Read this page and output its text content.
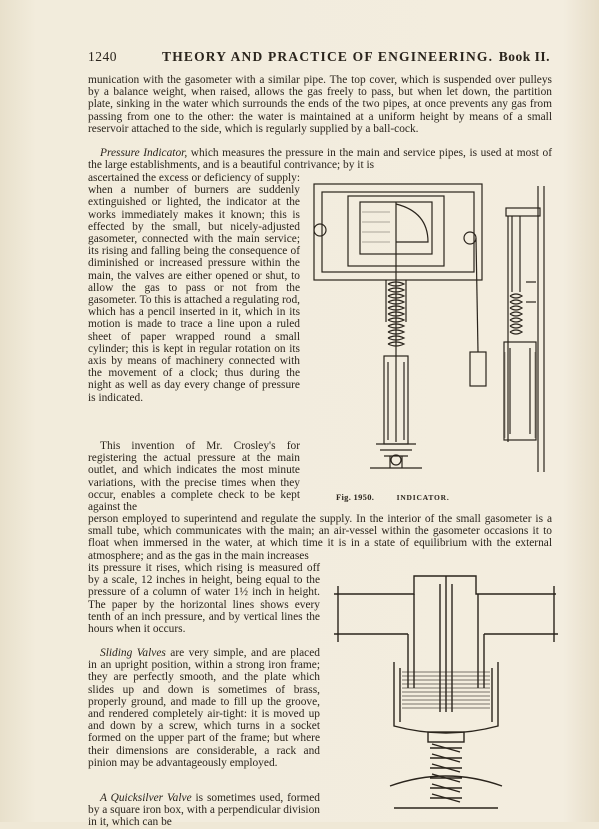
1240	THEORY AND PRACTICE OF ENGINEERING. Book II.

munication with the gasometer with a similar pipe. The top cover, which is suspended over pulleys by a balance weight, when raised, allows the gas freely to pass, but when let down, the partition plate, sinking in the water which surrounds the ends of the two pipes, at once prevents any gas from passing from one to the other: the water is maintained at a uniform height by means of a small reservoir attached to the side, which is regularly supplied by a ball-cock.

Pressure Indicator, which measures the pressure in the main and service pipes, is used at most of the large establishments, and is a beautiful contrivance; by it is

ascertained the excess or deficiency of supply: when a number of burners are suddenly extinguished or lighted, the indicator at the works immediately makes it known; this is effected by the small, but nicely-adjusted gasometer, connected with the main service; its rising and falling being the consequence of diminished or increased pressure within the main, the valves are either opened or shut, to allow the gas to pass or not from the gasometer. To this is attached a regulating rod, which has a pencil inserted in it, which in its motion is made to trace a line upon a ruled sheet of paper wrapped round a small cylinder; this is kept in regular rotation on its axis by means of machinery connected with the movement of a clock; thus during the night as well as day every change of pressure is indicated.

This invention of Mr. Crosley's for registering the actual pressure at the main outlet, and which indicates the most minute variations, with the precise times when they occur, enables a complete check to be kept against the

Fig. 1950.	INDICATOR.

person employed to superintend and regulate the supply. In the interior of the small gasometer is a small tube, which communicates with the main; an air-vessel within the gasometer occasions it to float when immersed in the water, at which time it is in a state of equilibrium with the external atmosphere; and as the gas in the main increases

its pressure it rises, which rising is measured off by a scale, 12 inches in height, being equal to the pressure of a column of water 1½ inch in height. The paper by the horizontal lines shows every tenth of an inch pressure, and by vertical lines the hours when it occurs.

Sliding Valves are very simple, and are placed in an upright position, within a strong iron frame; they are perfectly smooth, and the plate which slides up and down is sometimes of brass, properly ground, and made to fill up the groove, and rendered completely air-tight: it is moved up and down by a screw, which turns in a socket formed on the upper part of the frame; but where their dimensions are considerable, a rack and pinion may be advantageously employed.

A Quicksilver Valve is sometimes used, formed by a square iron box, with a perpendicular division in it, which can be
